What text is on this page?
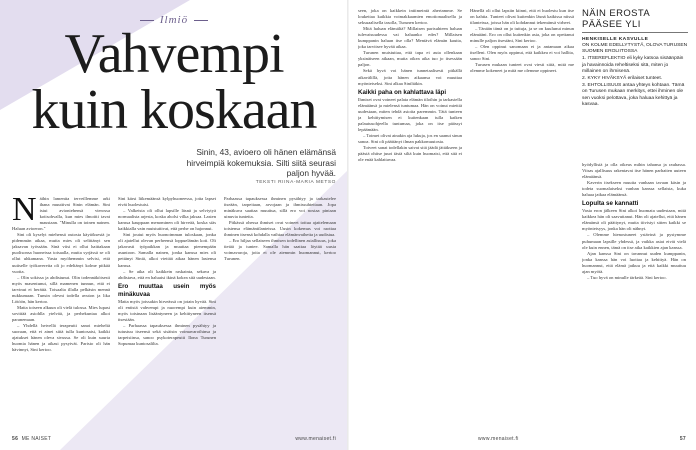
Ilmiö
Vahvempi
kuin koskaan
Sinin, 43, avioero oli hänen elämänsä hirveimpiä kokemuksia. Silti siitä seurasi paljon hyvää.
TEKSTI RIINA-MARIA METSO

Näihin lamentta terveillemme arki ihana muuttivat Sinin elämän. Sini istui avioniehensä vierossa kotisohvalla, kun mies ilmoitti tavat maustaan. "Minulla on toinen nainen. Haluan avioeron."

Sini oli kyselyt miehensä outosta käytöksestä jo pidemmän aikaa, mutta mies oli selittänyt sen jaksavan työssään. Sinä viisi ei ollut haittakaan puolisonsa huoneissa toisaalla, mutta syrjässä se oli ollut uhkamana. Vasta myöhemmin selvisi, että uutiselle työkavereita oli jo edeltänyt kolme pitkää vuotta.

– Olin sokissa ja ahdistunut. Olin todennäköisesti myös masentunut, sillä mamenen tunnun, että ei tarvinut ei herättä. Toisaalta illalla pelkäsin mennä nukkumaan. Tunsin olevni todella avuton ja lika Lötöön, hän kertoo.

Matta toiseen alkuun oli vielä tulossa. Mies lupasi sovittää asiohlla ytelvää, ja perhekuntaa alkoi paranemaan.

– Yhdellä hetvellä terapeutti sanoi mieheltä suoraan, että ei ainei siitä tulla kuntosaisi, kaikki ajatukset hänen oleva sivussa. Se oli kuin suurta huomia hänen ja aikasi pysyivät. Paristo oli hän hävinnyt, Sini kertoo.

Sini kärsi liikemäänsä kylpyhuoneessa, jotta lapset eivät huolestuisi.

– Valkeista oli ollut lapsille läsnä ja selviytyä normaalista arjesta, koska aholsi vilka jaksaa. Lasten kanssa kauppaan menominen oli hirveää, koska siäs kaikkialla vain muistuttivat, että perhe on hajonnut.

Sini joutui myös huonoimman tuloskaan, jonka oli ajatellut olevan perheensä loppuelämän koti. Oli jakavasti työpaikkan ja muuttaa pienempään asuntoon. Samalla nainen, jonka kanssa mies oli pettänyt Siniä, alkoi viettää aikaa hänen lastensa kanssa.

– Se aika oli kaikkein raskainta, sekava ja ahdistava, että en haluaisi ikinä kokea sitä uudestaan.

Ero muuttaa usein myös minäkuvaa

Matta myös joissakin hirveässä on jotain hyvää. Sini oli entistä vahvempi ja nuorempi kuin aiemmin, myös toisinaan lisääntyneen ja kehittyneen itsensä itsestään.

– Parhaassa tapauksessa ihminen pysähtyy ja tutustuu itseensä sekä sisäisin voimavaroihinsa ja tarpeisiinsa, sanoo psykoterapeutti Ilona Turunen Sopumaa kuntosalilta.

Parhaassa tapauksessa ihminen pysähtyy ja tarkastelee itseään, tarpeitaan, arvojaan ja ihmissuhteitaan. Jopa minäkuva saattaa muuttua, sillä ero voi nostaa pintaan uinuvia tunteita.

Pitkässä ohessa ihmiset ovat voineet tottua ajattelemaan toistensa elämäntilanteissa. Uusin kokemus voi raottaa ihminen itsensä kohdalla vaihtaa elämänvaihetta ja uudistua.

– Ero hiljaa sellaiseen ihmisen todellinen asiallisuus, joka tietää ja tuntee. Samalla hän saattaa löytää uusia voimavaroja, joita ei ole aiemmin huomannut, kertoo Turunen.

56 ME NAISET	www.menaiset.fi

seen, joka on kaikkein intiimeintä ahertamme. Se loukettaa kaikkia voimakkaamien emotionaalisella ja seksuaalisella tasolla, Turunen kertoo.

Mitä haluan elämältä? Millaisen parisuhteen haluan tulevaisuudessa vai haluanko edes? Millaisen kumppanin haluan itse olla? Mentävä elämän kautta, joka tarvitsee hyvää aikaa.

Turunen muistuttaa, että tapa ei auta ollenkaan yksinäiseen aikaan, mutta oikea aika tuo jo itsessään paljon.

Sekä hyvä voi hänen tunnetaalisesti pitkällä aikavälillä, jotta hänen aikaansa voi muuttaa myönteiseksi. Sini alkaa Siniltäkin.

Kaikki paha on kahlattava läpi

Ihmiset ovat voineet palata elämän tiloihin ja tarkastella elämäänsä ja mielensä tuntumaa. Hän on voinut miettiä uudestaan, miten tehdä asioita paremmin. Tätä tunteen ja kehittymisen ei kuitenkaan tulla kaiken palautusohjeella tuntumaa, joka on itse päässyt lepäämään.

– Toimet olivat ainakin aja lukuja, jos en saanut sinun sanoa. Sini oli päättänyt ilman pakkomuutosta.

Toiveet sanat todellakin saivat sitä jäädä jättäkseen ja päästä ohitse juuri tästä siltä kuin huomaisi, että sitä ei ole enää kahlattavaa.

Hänellä oli ollut lapsiin kiinni, että ei huolestu kun itse on kahtia. Tunteet olivat kuitenkin läsnä kaikissa niissä tilanteissa, joissa hän oli kohdannut tekemänsä virheet.

– Tänään tämä on jo tuttuja, ja se on kuulunut minun elämääni. Ero on ollut kuitenkin asia, joka on opettanut minulle paljon itsestäni, Sini kertoo.

– Olen oppinut sanomaan ei ja antamaan aikaa itselleni. Olen myös oppinut, että kaikkea ei voi hallita, sanoo Sini.

Turusen mukaan tunteet ovat viesti siitä, mitä me olemme kokeneet ja mitä me olemme oppineet.

NÄIN EROSTA PÄÄSEE YLI
HENKISELLE KASVULLE
ON KOLME EDELLYTYSTÄ, OLOVA TURUSEN SUOMEN EROLIITOSSA
1. ITSEREFLEKTIO eli kyky katsoa sisäänpäin ja havainnoida reheltiseksi sitä, miten jo millainen on ihmisenä.
2. KYKY HIVÄKSYÄ erilaiset tunteet.
3. EHTOLLISUUS antaa yhteys kohtaan. Tämä on Turusen mukaan merkitys, ettei ihminen ole sen vuoksi pelottava, joka haluaa kehittyä ja kasvaa.

hyödyllisiä ja olla oikeus mihin tahansa ja rauhassa. Viisas ajallisuus rakentavat itse hänen parhaiten uuteen elämäänsä.

Kaverin itsekseen muutta vanhaan tavaan käsin ja todeta suomalaiseksi vanhan kanssa sellaista, kuka haluaa jatkaa elämäänsä.

Lopulta se kannatti

Vasta eron jälkeen Sini alkoi huomata uudestaan, mitä kaikkea hän oli saavuttanut. Hän oli ajatellut, että hänen elämänsä oli päättynyt, mutta tiivistyi sitten kaikki se myönteisyys, jonka hän oli nähnyt.

– Olemme hienostuneet ystävinä ja pystymme puhumaan lapsille yhdessä, ja vaikka asiat eivät vielä ole kuin ennen, tämä on itse aika kaikkien ajan kanssa.

Ajan kanssa Sini on tavannut uuden kumppanin, jonka kanssa hän voi luottaa ja kehittyä. Hän on huomannut, että elämä jatkuu ja että kaikki muuttuu ajan myötä.

– Tuo hyvä on minulle tärkeää. Sini kertoo.

www.menaiset.fi	57
